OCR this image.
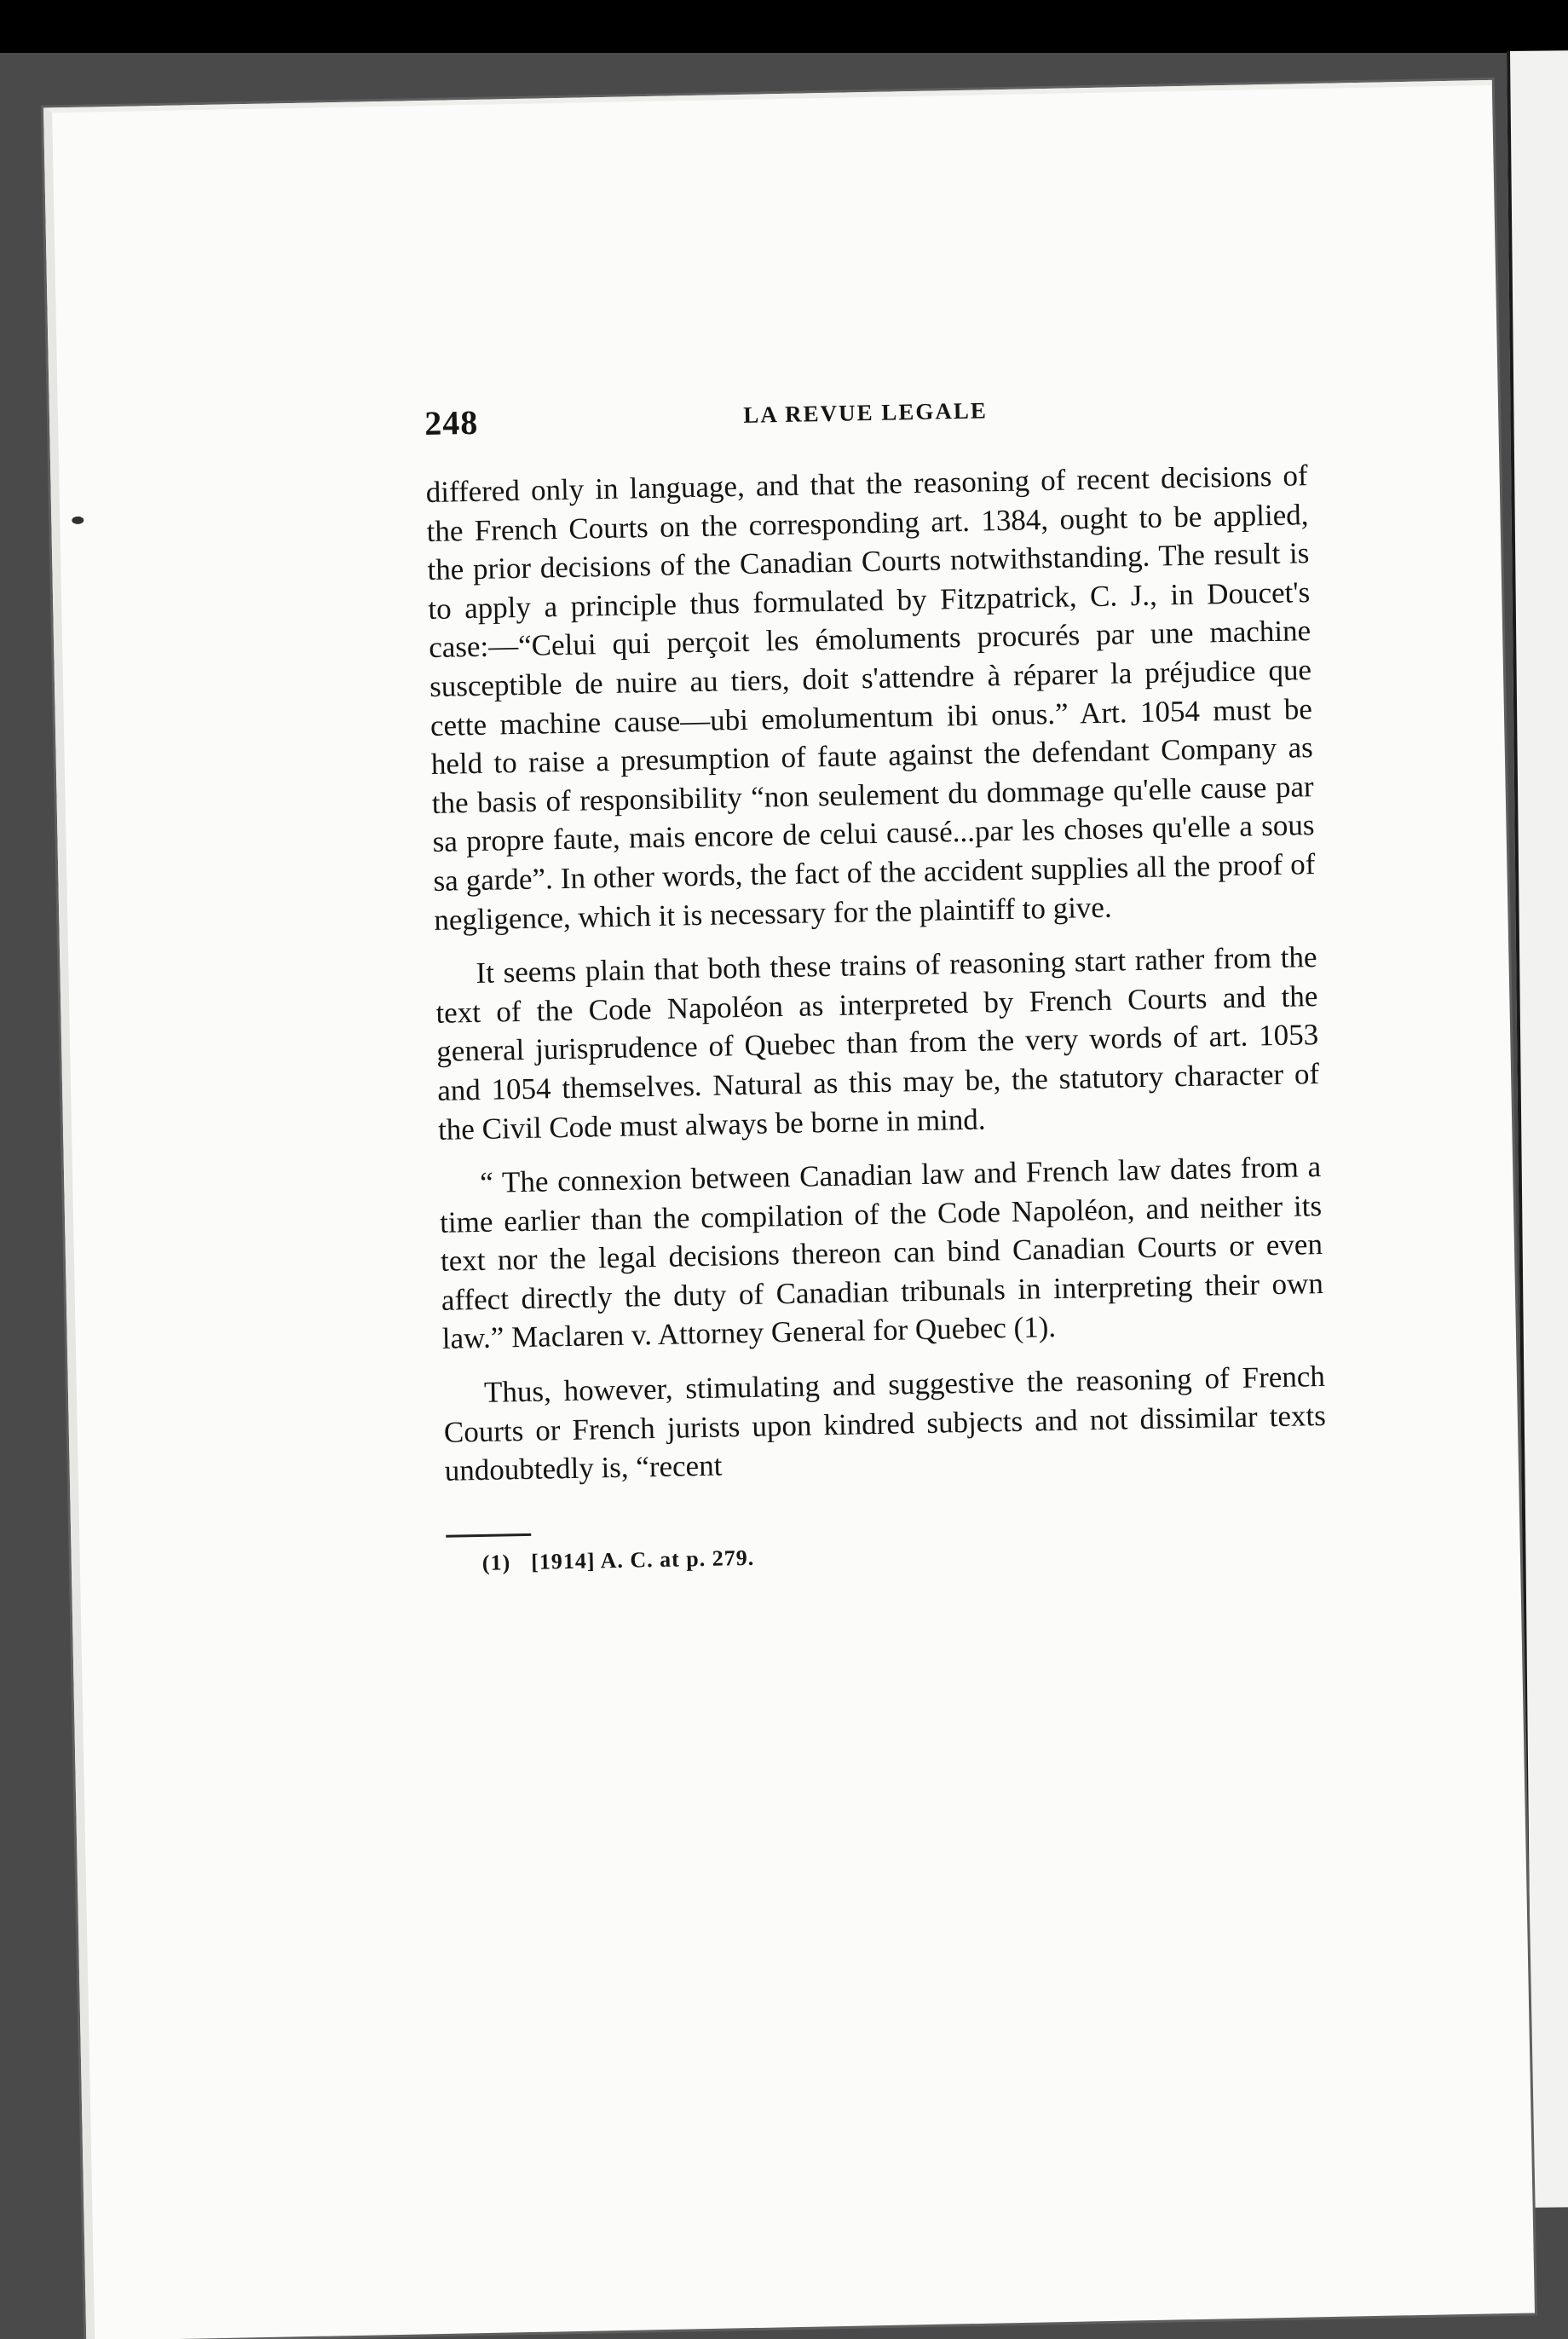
248	LA REVUE LEGALE

differed only in language, and that the reasoning of recent decisions of the French Courts on the corresponding art. 1384, ought to be applied, the prior decisions of the Canadian Courts notwithstanding. The result is to apply a principle thus formulated by Fitzpatrick, C. J., in Doucet's case:—“Celui qui perçoit les émoluments procurés par une machine susceptible de nuire au tiers, doit s'attendre à réparer la préjudice que cette machine cause—ubi emolumentum ibi onus.” Art. 1054 must be held to raise a presumption of faute against the defendant Company as the basis of responsibility “non seulement du dommage qu'elle cause par sa propre faute, mais encore de celui causé...par les choses qu'elle a sous sa garde”. In other words, the fact of the accident supplies all the proof of negligence, which it is necessary for the plaintiff to give.

It seems plain that both these trains of reasoning start rather from the text of the Code Napoléon as interpreted by French Courts and the general jurisprudence of Quebec than from the very words of art. 1053 and 1054 themselves. Natural as this may be, the statutory character of the Civil Code must always be borne in mind.

“ The connexion between Canadian law and French law dates from a time earlier than the compilation of the Code Napoléon, and neither its text nor the legal decisions thereon can bind Canadian Courts or even affect directly the duty of Canadian tribunals in interpreting their own law.” Maclaren v. Attorney General for Quebec (1).

Thus, however, stimulating and suggestive the reasoning of French Courts or French jurists upon kindred subjects and not dissimilar texts undoubtedly is, “recent

(1) [1914] A. C. at p. 279.
